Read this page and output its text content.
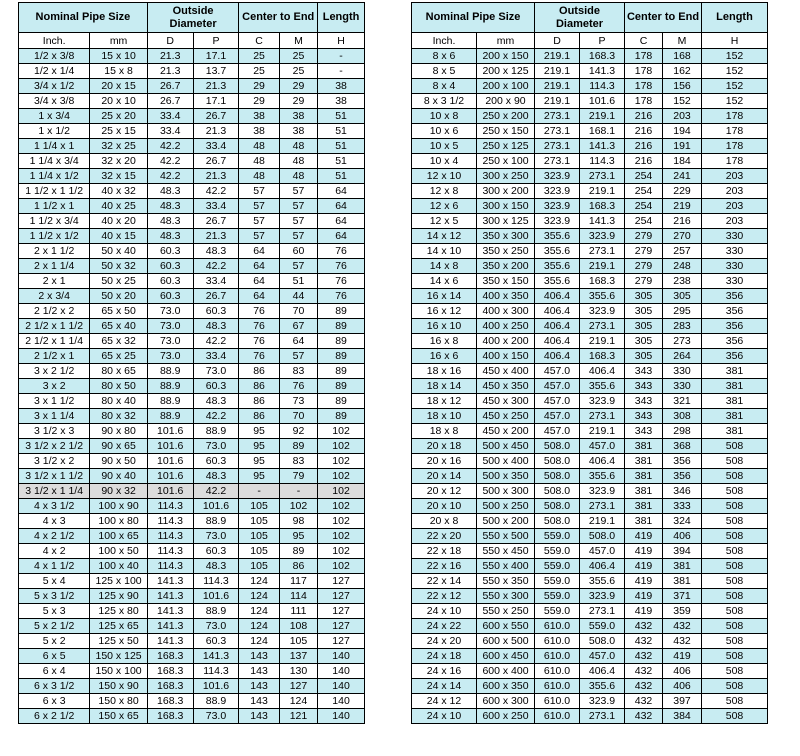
Nominal Pipe Size		Outside Diameter		Center to End		Length
Inch.	mm	D	P	C	M	H
1/2 x 3/8	15 x 10	21.3	17.1	25	25	-
1/2 x 1/4	15 x 8	21.3	13.7	25	25	-
3/4 x 1/2	20 x 15	26.7	21.3	29	29	38
3/4 x 3/8	20 x 10	26.7	17.1	29	29	38
1 x 3/4	25 x 20	33.4	26.7	38	38	51
1 x 1/2	25 x 15	33.4	21.3	38	38	51
1 1/4 x 1	32 x 25	42.2	33.4	48	48	51
1 1/4 x 3/4	32 x 20	42.2	26.7	48	48	51
1 1/4 x 1/2	32 x 15	42.2	21.3	48	48	51
1 1/2 x 1 1/2	40 x 32	48.3	42.2	57	57	64
1 1/2 x 1	40 x 25	48.3	33.4	57	57	64
1 1/2 x 3/4	40 x 20	48.3	26.7	57	57	64
1 1/2 x 1/2	40 x 15	48.3	21.3	57	57	64
2 x 1 1/2	50 x 40	60.3	48.3	64	60	76
2 x 1 1/4	50 x 32	60.3	42.2	64	57	76
2 x 1	50 x 25	60.3	33.4	64	51	76
2 x 3/4	50 x 20	60.3	26.7	64	44	76
2 1/2 x 2	65 x 50	73.0	60.3	76	70	89
2 1/2 x 1 1/2	65 x 40	73.0	48.3	76	67	89
2 1/2 x 1 1/4	65 x 32	73.0	42.2	76	64	89
2 1/2 x 1	65 x 25	73.0	33.4	76	57	89
3 x 2 1/2	80 x 65	88.9	73.0	86	83	89
3 x 2	80 x 50	88.9	60.3	86	76	89
3 x 1 1/2	80 x 40	88.9	48.3	86	73	89
3 x 1 1/4	80 x 32	88.9	42.2	86	70	89
3 1/2 x 3	90 x 80	101.6	88.9	95	92	102
3 1/2 x 2 1/2	90 x 65	101.6	73.0	95	89	102
3 1/2 x 2	90 x 50	101.6	60.3	95	83	102
3 1/2 x 1 1/2	90 x 40	101.6	48.3	95	79	102
3 1/2 x 1 1/4	90 x 32	101.6	42.2	-	-	102
4 x 3 1/2	100 x 90	114.3	101.6	105	102	102
4 x 3	100 x 80	114.3	88.9	105	98	102
4 x 2 1/2	100 x 65	114.3	73.0	105	95	102
4 x 2	100 x 50	114.3	60.3	105	89	102
4 x 1 1/2	100 x 40	114.3	48.3	105	86	102
5 x 4	125 x 100	141.3	114.3	124	117	127
5 x 3 1/2	125 x 90	141.3	101.6	124	114	127
5 x 3	125 x 80	141.3	88.9	124	111	127
5 x 2 1/2	125 x 65	141.3	73.0	124	108	127
5 x 2	125 x 50	141.3	60.3	124	105	127
6 x 5	150 x 125	168.3	141.3	143	137	140
6 x 4	150 x 100	168.3	114.3	143	130	140
6 x 3 1/2	150 x 90	168.3	101.6	143	127	140
6 x 3	150 x 80	168.3	88.9	143	124	140
6 x 2 1/2	150 x 65	168.3	73.0	143	121	140
Nominal Pipe Size		Outside Diameter		Center to End		Length
Inch.	mm	D	P	C	M	H
8 x 6	200 x 150	219.1	168.3	178	168	152
8 x 5	200 x 125	219.1	141.3	178	162	152
8 x 4	200 x 100	219.1	114.3	178	156	152
8 x 3 1/2	200 x 90	219.1	101.6	178	152	152
10 x 8	250 x 200	273.1	219.1	216	203	178
10 x 6	250 x 150	273.1	168.1	216	194	178
10 x 5	250 x 125	273.1	141.3	216	191	178
10 x 4	250 x 100	273.1	114.3	216	184	178
12 x 10	300 x 250	323.9	273.1	254	241	203
12 x 8	300 x 200	323.9	219.1	254	229	203
12 x 6	300 x 150	323.9	168.3	254	219	203
12 x 5	300 x 125	323.9	141.3	254	216	203
14 x 12	350 x 300	355.6	323.9	279	270	330
14 x 10	350 x 250	355.6	273.1	279	257	330
14 x 8	350 x 200	355.6	219.1	279	248	330
14 x 6	350 x 150	355.6	168.3	279	238	330
16 x 14	400 x 350	406.4	355.6	305	305	356
16 x 12	400 x 300	406.4	323.9	305	295	356
16 x 10	400 x 250	406.4	273.1	305	283	356
16 x 8	400 x 200	406.4	219.1	305	273	356
16 x 6	400 x 150	406.4	168.3	305	264	356
18 x 16	450 x 400	457.0	406.4	343	330	381
18 x 14	450 x 350	457.0	355.6	343	330	381
18 x 12	450 x 300	457.0	323.9	343	321	381
18 x 10	450 x 250	457.0	273.1	343	308	381
18 x 8	450 x 200	457.0	219.1	343	298	381
20 x 18	500 x 450	508.0	457.0	381	368	508
20 x 16	500 x 400	508.0	406.4	381	356	508
20 x 14	500 x 350	508.0	355.6	381	356	508
20 x 12	500 x 300	508.0	323.9	381	346	508
20 x 10	500 x 250	508.0	273.1	381	333	508
20 x 8	500 x 200	508.0	219.1	381	324	508
22 x 20	550 x 500	559.0	508.0	419	406	508
22 x 18	550 x 450	559.0	457.0	419	394	508
22 x 16	550 x 400	559.0	406.4	419	381	508
22 x 14	550 x 350	559.0	355.6	419	381	508
22 x 12	550 x 300	559.0	323.9	419	371	508
24 x 10	550 x 250	559.0	273.1	419	359	508
24 x 22	600 x 550	610.0	559.0	432	432	508
24 x 20	600 x 500	610.0	508.0	432	432	508
24 x 18	600 x 450	610.0	457.0	432	419	508
24 x 16	600 x 400	610.0	406.4	432	406	508
24 x 14	600 x 350	610.0	355.6	432	406	508
24 x 12	600 x 300	610.0	323.9	432	397	508
24 x 10	600 x 250	610.0	273.1	432	384	508
